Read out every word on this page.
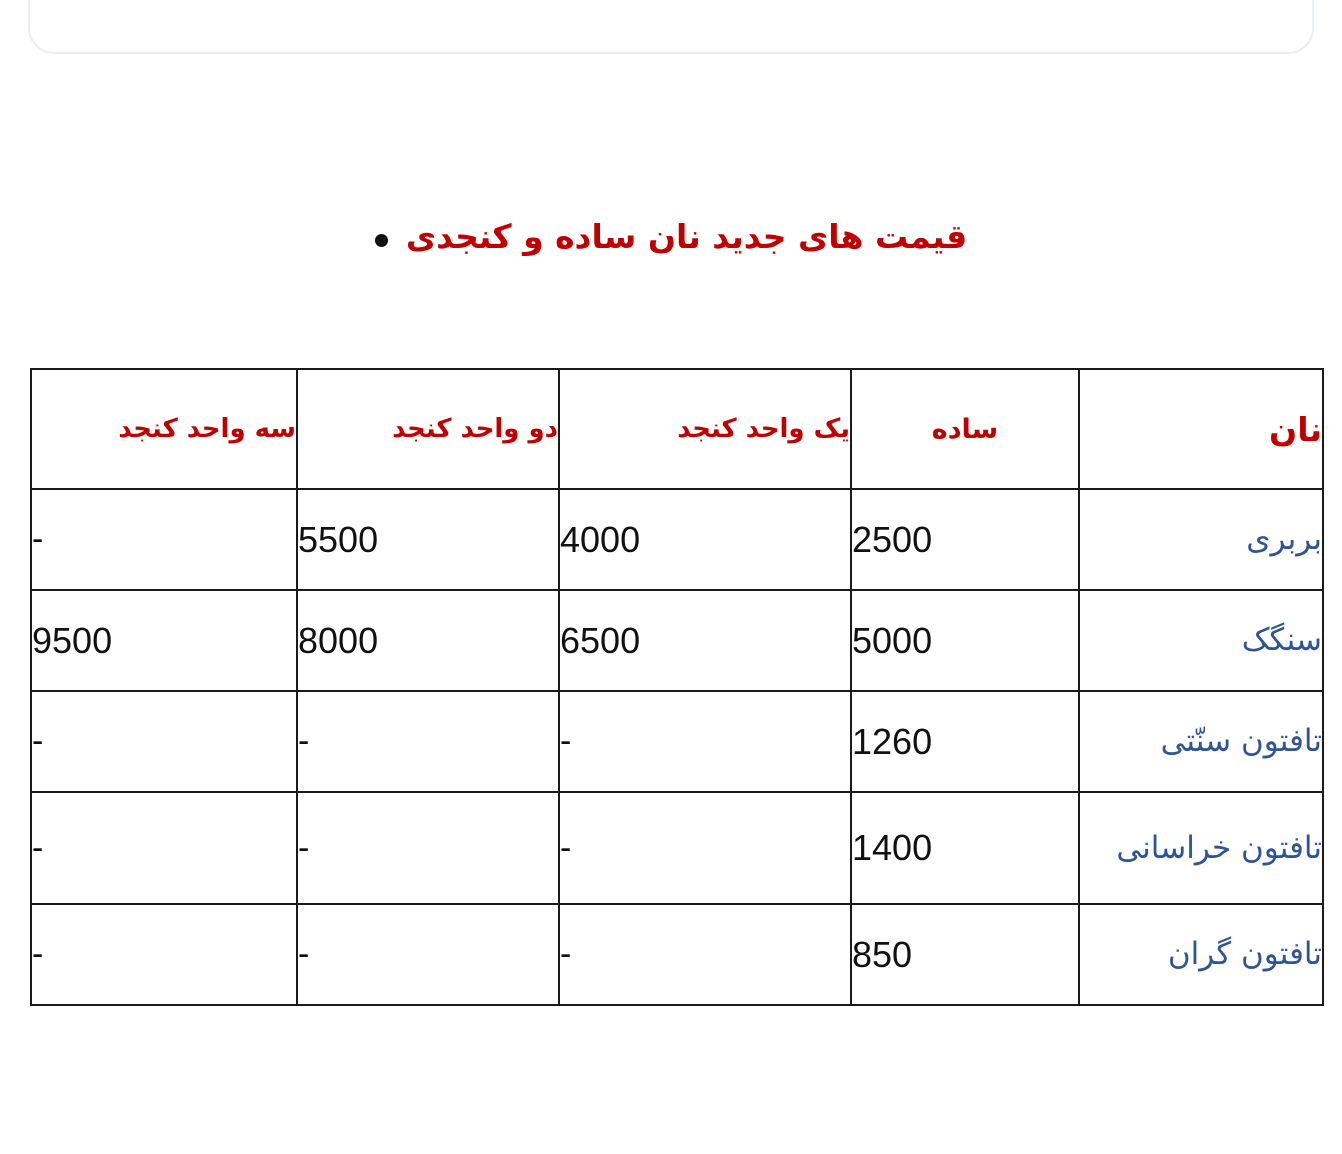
قیمت های جدید نان ساده و کنجدی
نان	ساده	یک واحد کنجد	دو واحد کنجد	سه واحد کنجد
بربری	2500	4000	5500	-
سنگک	5000	6500	8000	9500
تافتون سنّتی	1260	-	-	-
تافتون خراسانی	1400	-	-	-
تافتون گران	850	-	-	-
